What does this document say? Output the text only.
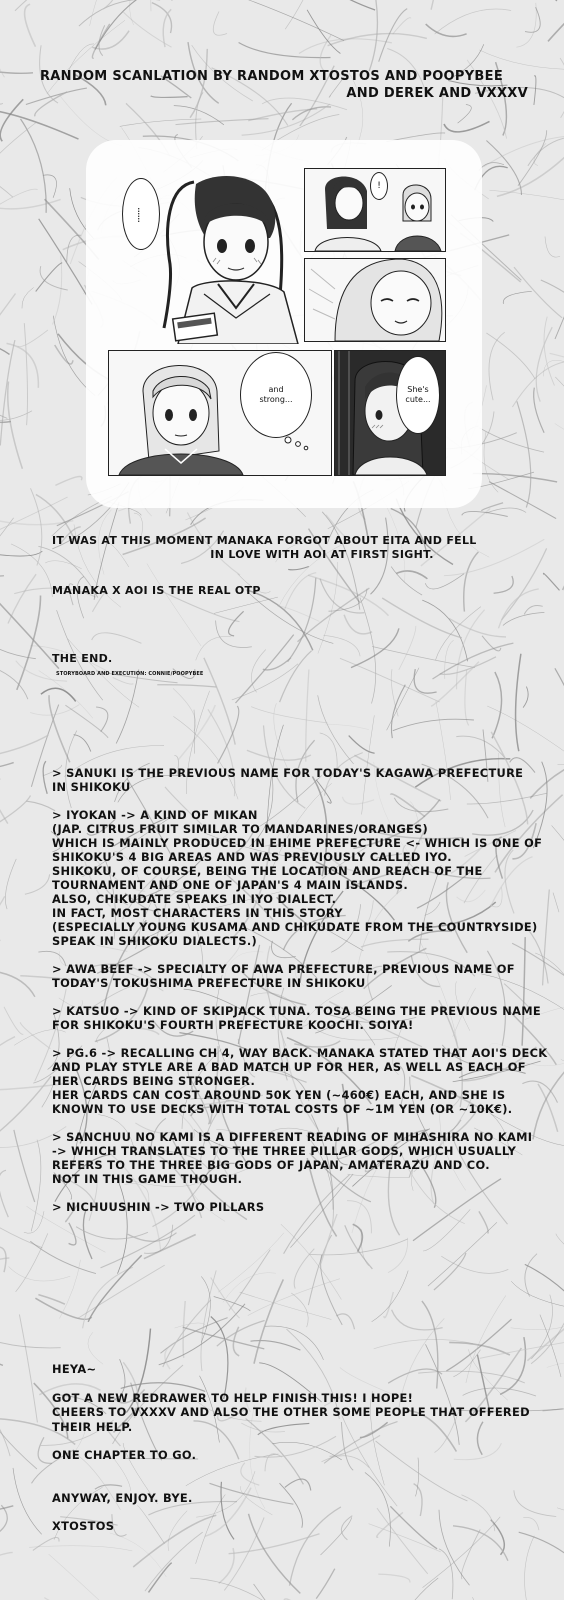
RANDOM SCANLATION BY RANDOM XTOSTOS AND POOPYBEE

AND DEREK AND VXXXV

......
!
and strong...
She's cute...

IT WAS AT THIS MOMENT MANAKA FORGOT ABOUT EITA AND FELL

IN LOVE WITH AOI AT FIRST SIGHT.

MANAKA X AOI IS THE REAL OTP

THE END.

STORYBOARD AND EXECUTION: CONNIE/POOPYBEE

> SANUKI IS THE PREVIOUS NAME FOR TODAY'S KAGAWA PREFECTURE

IN SHIKOKU

> IYOKAN -> A KIND OF MIKAN

(JAP. CITRUS FRUIT SIMILAR TO MANDARINES/ORANGES)

WHICH IS MAINLY PRODUCED IN EHIME PREFECTURE <- WHICH IS ONE OF

SHIKOKU'S 4 BIG AREAS AND WAS PREVIOUSLY CALLED IYO.

SHIKOKU, OF COURSE, BEING THE LOCATION AND REACH OF THE

TOURNAMENT AND ONE OF JAPAN'S 4 MAIN ISLANDS.

ALSO, CHIKUDATE SPEAKS IN IYO DIALECT.

IN FACT, MOST CHARACTERS IN THIS STORY

(ESPECIALLY YOUNG KUSAMA AND CHIKUDATE FROM THE COUNTRYSIDE)

SPEAK IN SHIKOKU DIALECTS.)

> AWA BEEF -> SPECIALTY OF AWA PREFECTURE, PREVIOUS NAME OF

TODAY'S TOKUSHIMA PREFECTURE IN SHIKOKU

> KATSUO -> KIND OF SKIPJACK TUNA. TOSA BEING THE PREVIOUS NAME

FOR SHIKOKU'S FOURTH PREFECTURE KOOCHI. SOIYA!

> PG.6 -> RECALLING CH 4, WAY BACK. MANAKA STATED THAT AOI'S DECK

AND PLAY STYLE ARE A BAD MATCH UP FOR HER, AS WELL AS EACH OF

HER CARDS BEING STRONGER.

HER CARDS CAN COST AROUND 50K YEN (~460€) EACH, AND SHE IS

KNOWN TO USE DECKS WITH TOTAL COSTS OF ~1M YEN (OR ~10K€).

> SANCHUU NO KAMI IS A DIFFERENT READING OF MIHASHIRA NO KAMI

-> WHICH TRANSLATES TO THE THREE PILLAR GODS, WHICH USUALLY

REFERS TO THE THREE BIG GODS OF JAPAN, AMATERAZU AND CO.

NOT IN THIS GAME THOUGH.

> NICHUUSHIN -> TWO PILLARS

HEYA~

GOT A NEW REDRAWER TO HELP FINISH THIS! I HOPE!

CHEERS TO VXXXV AND ALSO THE OTHER SOME PEOPLE THAT OFFERED

THEIR HELP.

ONE CHAPTER TO GO.

ANYWAY, ENJOY. BYE.

XTOSTOS
